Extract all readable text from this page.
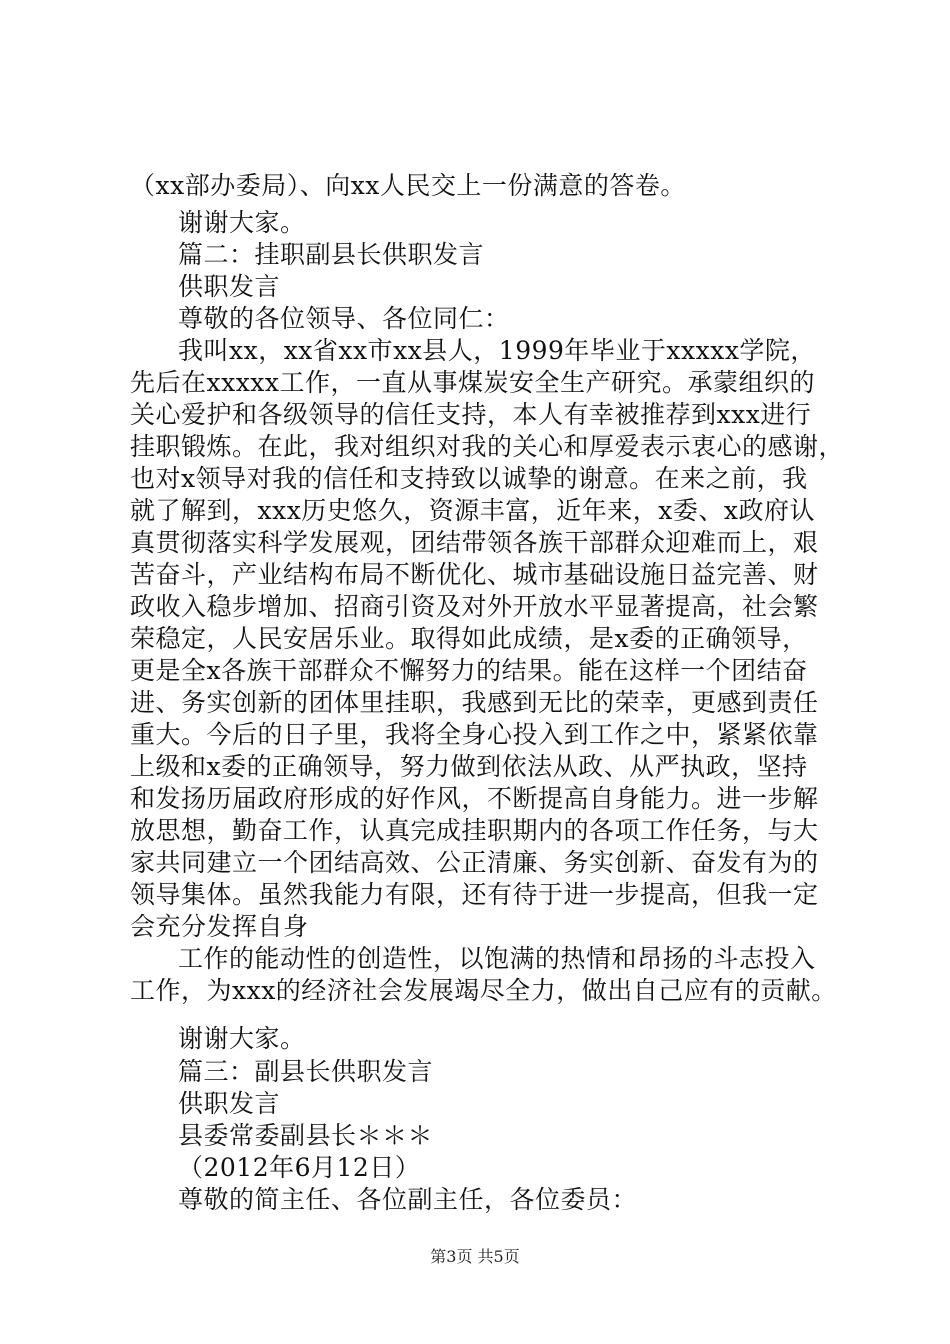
（xx部办委局）、向xx人民交上一份满意的答卷。
谢谢大家。
篇二：挂职副县长供职发言
供职发言
尊敬的各位领导、各位同仁：
我叫xx，xx省xx市xx县人，1999年毕业于xxxxx学院，
先后在xxxxx工作，一直从事煤炭安全生产研究。承蒙组织的
关心爱护和各级领导的信任支持，本人有幸被推荐到xxx进行
挂职锻炼。在此，我对组织对我的关心和厚爱表示衷心的感谢，
也对x领导对我的信任和支持致以诚挚的谢意。在来之前，我
就了解到，xxx历史悠久，资源丰富，近年来，x委、x政府认
真贯彻落实科学发展观，团结带领各族干部群众迎难而上，艰
苦奋斗，产业结构布局不断优化、城市基础设施日益完善、财
政收入稳步增加、招商引资及对外开放水平显著提高，社会繁
荣稳定，人民安居乐业。取得如此成绩，是x委的正确领导，
更是全x各族干部群众不懈努力的结果。能在这样一个团结奋
进、务实创新的团体里挂职，我感到无比的荣幸，更感到责任
重大。今后的日子里，我将全身心投入到工作之中，紧紧依靠
上级和x委的正确领导，努力做到依法从政、从严执政，坚持
和发扬历届政府形成的好作风，不断提高自身能力。进一步解
放思想，勤奋工作，认真完成挂职期内的各项工作任务，与大
家共同建立一个团结高效、公正清廉、务实创新、奋发有为的
领导集体。虽然我能力有限，还有待于进一步提高，但我一定
会充分发挥自身
工作的能动性的创造性，以饱满的热情和昂扬的斗志投入
工作，为xxx的经济社会发展竭尽全力，做出自己应有的贡献。
谢谢大家。
篇三：副县长供职发言
供职发言
县委常委副县长＊＊＊
（2012年6月12日）
尊敬的简主任、各位副主任，各位委员：
第3页 共5页
